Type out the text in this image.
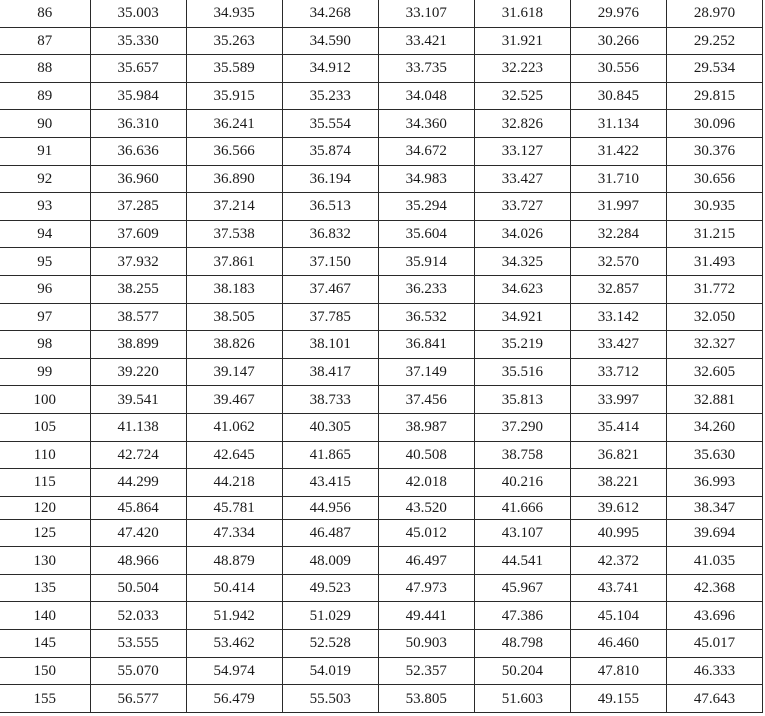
86	35.003	34.935	34.268	33.107	31.618	29.976	28.970
87	35.330	35.263	34.590	33.421	31.921	30.266	29.252
88	35.657	35.589	34.912	33.735	32.223	30.556	29.534
89	35.984	35.915	35.233	34.048	32.525	30.845	29.815
90	36.310	36.241	35.554	34.360	32.826	31.134	30.096
91	36.636	36.566	35.874	34.672	33.127	31.422	30.376
92	36.960	36.890	36.194	34.983	33.427	31.710	30.656
93	37.285	37.214	36.513	35.294	33.727	31.997	30.935
94	37.609	37.538	36.832	35.604	34.026	32.284	31.215
95	37.932	37.861	37.150	35.914	34.325	32.570	31.493
96	38.255	38.183	37.467	36.233	34.623	32.857	31.772
97	38.577	38.505	37.785	36.532	34.921	33.142	32.050
98	38.899	38.826	38.101	36.841	35.219	33.427	32.327
99	39.220	39.147	38.417	37.149	35.516	33.712	32.605
100	39.541	39.467	38.733	37.456	35.813	33.997	32.881
105	41.138	41.062	40.305	38.987	37.290	35.414	34.260
110	42.724	42.645	41.865	40.508	38.758	36.821	35.630
115	44.299	44.218	43.415	42.018	40.216	38.221	36.993
120	45.864	45.781	44.956	43.520	41.666	39.612	38.347
125	47.420	47.334	46.487	45.012	43.107	40.995	39.694
130	48.966	48.879	48.009	46.497	44.541	42.372	41.035
135	50.504	50.414	49.523	47.973	45.967	43.741	42.368
140	52.033	51.942	51.029	49.441	47.386	45.104	43.696
145	53.555	53.462	52.528	50.903	48.798	46.460	45.017
150	55.070	54.974	54.019	52.357	50.204	47.810	46.333
155	56.577	56.479	55.503	53.805	51.603	49.155	47.643
